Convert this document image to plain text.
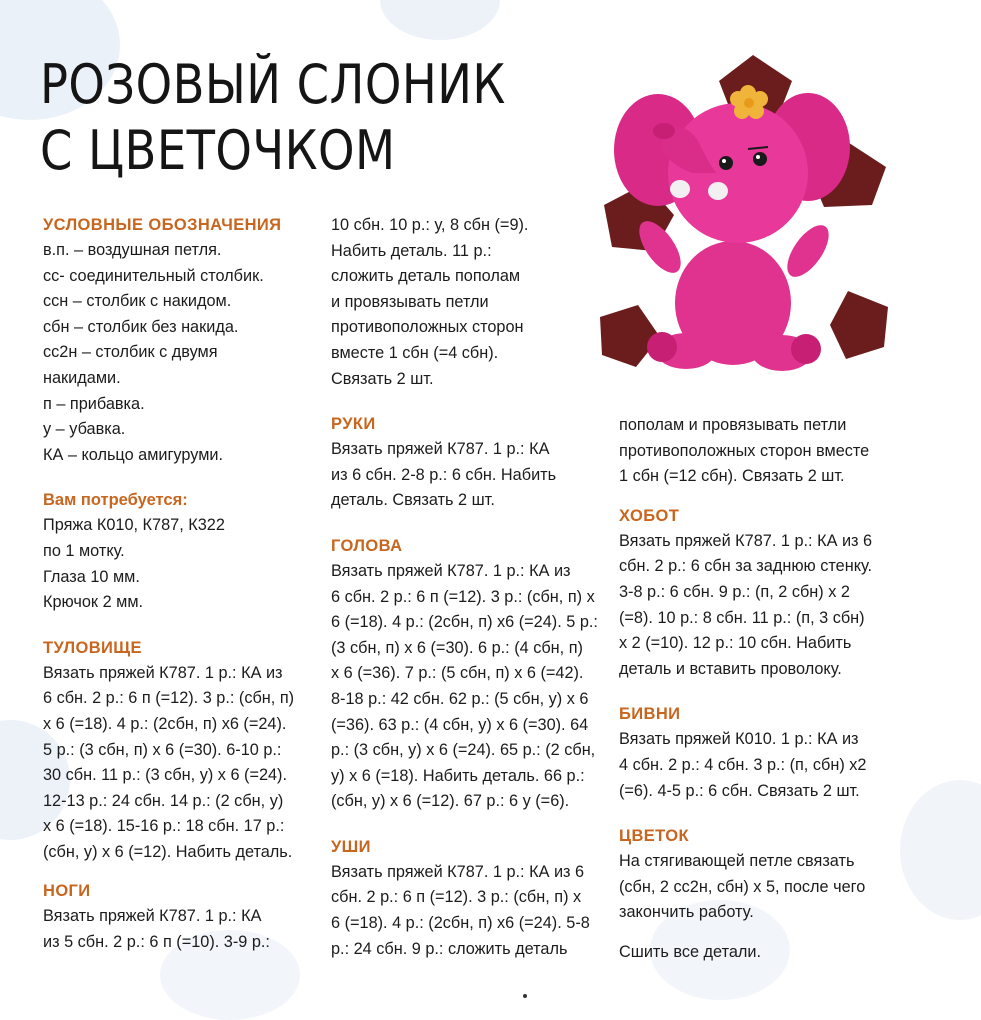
РОЗОВЫЙ СЛОНИК
С ЦВЕТОЧКОМ

УСЛОВНЫЕ ОБОЗНАЧЕНИЯ

в.п. – воздушная петля.

сс- соединительный столбик.

ссн – столбик с накидом.

сбн – столбик без накида.

сс2н – столбик с двумя

накидами.

п – прибавка.

у – убавка.

КА – кольцо амигуруми.

Вам потребуется:

Пряжа К010, К787, К322

по 1 мотку.

Глаза 10 мм.

Крючок 2 мм.

ТУЛОВИЩЕ

Вязать пряжей К787. 1 р.: КА из

6 сбн. 2 р.: 6 п (=12). 3 р.: (сбн, п)

х 6 (=18). 4 р.: (2сбн, п) х6 (=24).

5 р.: (3 сбн, п) х 6 (=30). 6-10 р.:

30 сбн. 11 р.: (3 сбн, у) х 6 (=24).

12-13 р.: 24 сбн. 14 р.: (2 сбн, у)

х 6 (=18). 15-16 р.: 18 сбн. 17 р.:

(сбн, у) х 6 (=12). Набить деталь.

НОГИ

Вязать пряжей К787. 1 р.: КА

из 5 сбн. 2 р.: 6 п (=10). 3-9 р.:

10 сбн. 10 р.: у, 8 сбн (=9).

Набить деталь. 11 р.:

сложить деталь пополам

и провязывать петли

противоположных сторон

вместе 1 сбн (=4 сбн).

Связать 2 шт.

РУКИ

Вязать пряжей К787. 1 р.: КА

из 6 сбн. 2-8 р.: 6 сбн. Набить

деталь. Связать 2 шт.

ГОЛОВА

Вязать пряжей К787. 1 р.: КА из

6 сбн. 2 р.: 6 п (=12). 3 р.: (сбн, п) х

6 (=18). 4 р.: (2сбн, п) х6 (=24). 5 р.:

(3 сбн, п) х 6 (=30). 6 р.: (4 сбн, п)

х 6 (=36). 7 р.: (5 сбн, п) х 6 (=42).

8-18 р.: 42 сбн. 62 р.: (5 сбн, у) х 6

(=36). 63 р.: (4 сбн, у) х 6 (=30). 64

р.: (3 сбн, у) х 6 (=24). 65 р.: (2 сбн,

у) х 6 (=18). Набить деталь. 66 р.:

(сбн, у) х 6 (=12). 67 р.: 6 у (=6).

УШИ

Вязать пряжей К787. 1 р.: КА из 6

сбн. 2 р.: 6 п (=12). 3 р.: (сбн, п) х

6 (=18). 4 р.: (2сбн, п) х6 (=24). 5-8

р.: 24 сбн. 9 р.: сложить деталь

пополам и провязывать петли

противоположных сторон вместе

1 сбн (=12 сбн). Связать 2 шт.

ХОБОТ

Вязать пряжей К787. 1 р.: КА из 6

сбн. 2 р.: 6 сбн за заднюю стенку.

3-8 р.: 6 сбн. 9 р.: (п, 2 сбн) х 2

(=8). 10 р.: 8 сбн. 11 р.: (п, 3 сбн)

х 2 (=10). 12 р.: 10 сбн. Набить

деталь и вставить проволоку.

БИВНИ

Вязать пряжей К010. 1 р.: КА из

4 сбн. 2 р.: 4 сбн. 3 р.: (п, сбн) х2

(=6). 4-5 р.: 6 сбн. Связать 2 шт.

ЦВЕТОК

На стягивающей петле связать

(сбн, 2 сс2н, сбн) х 5, после чего

закончить работу.

Сшить все детали.
